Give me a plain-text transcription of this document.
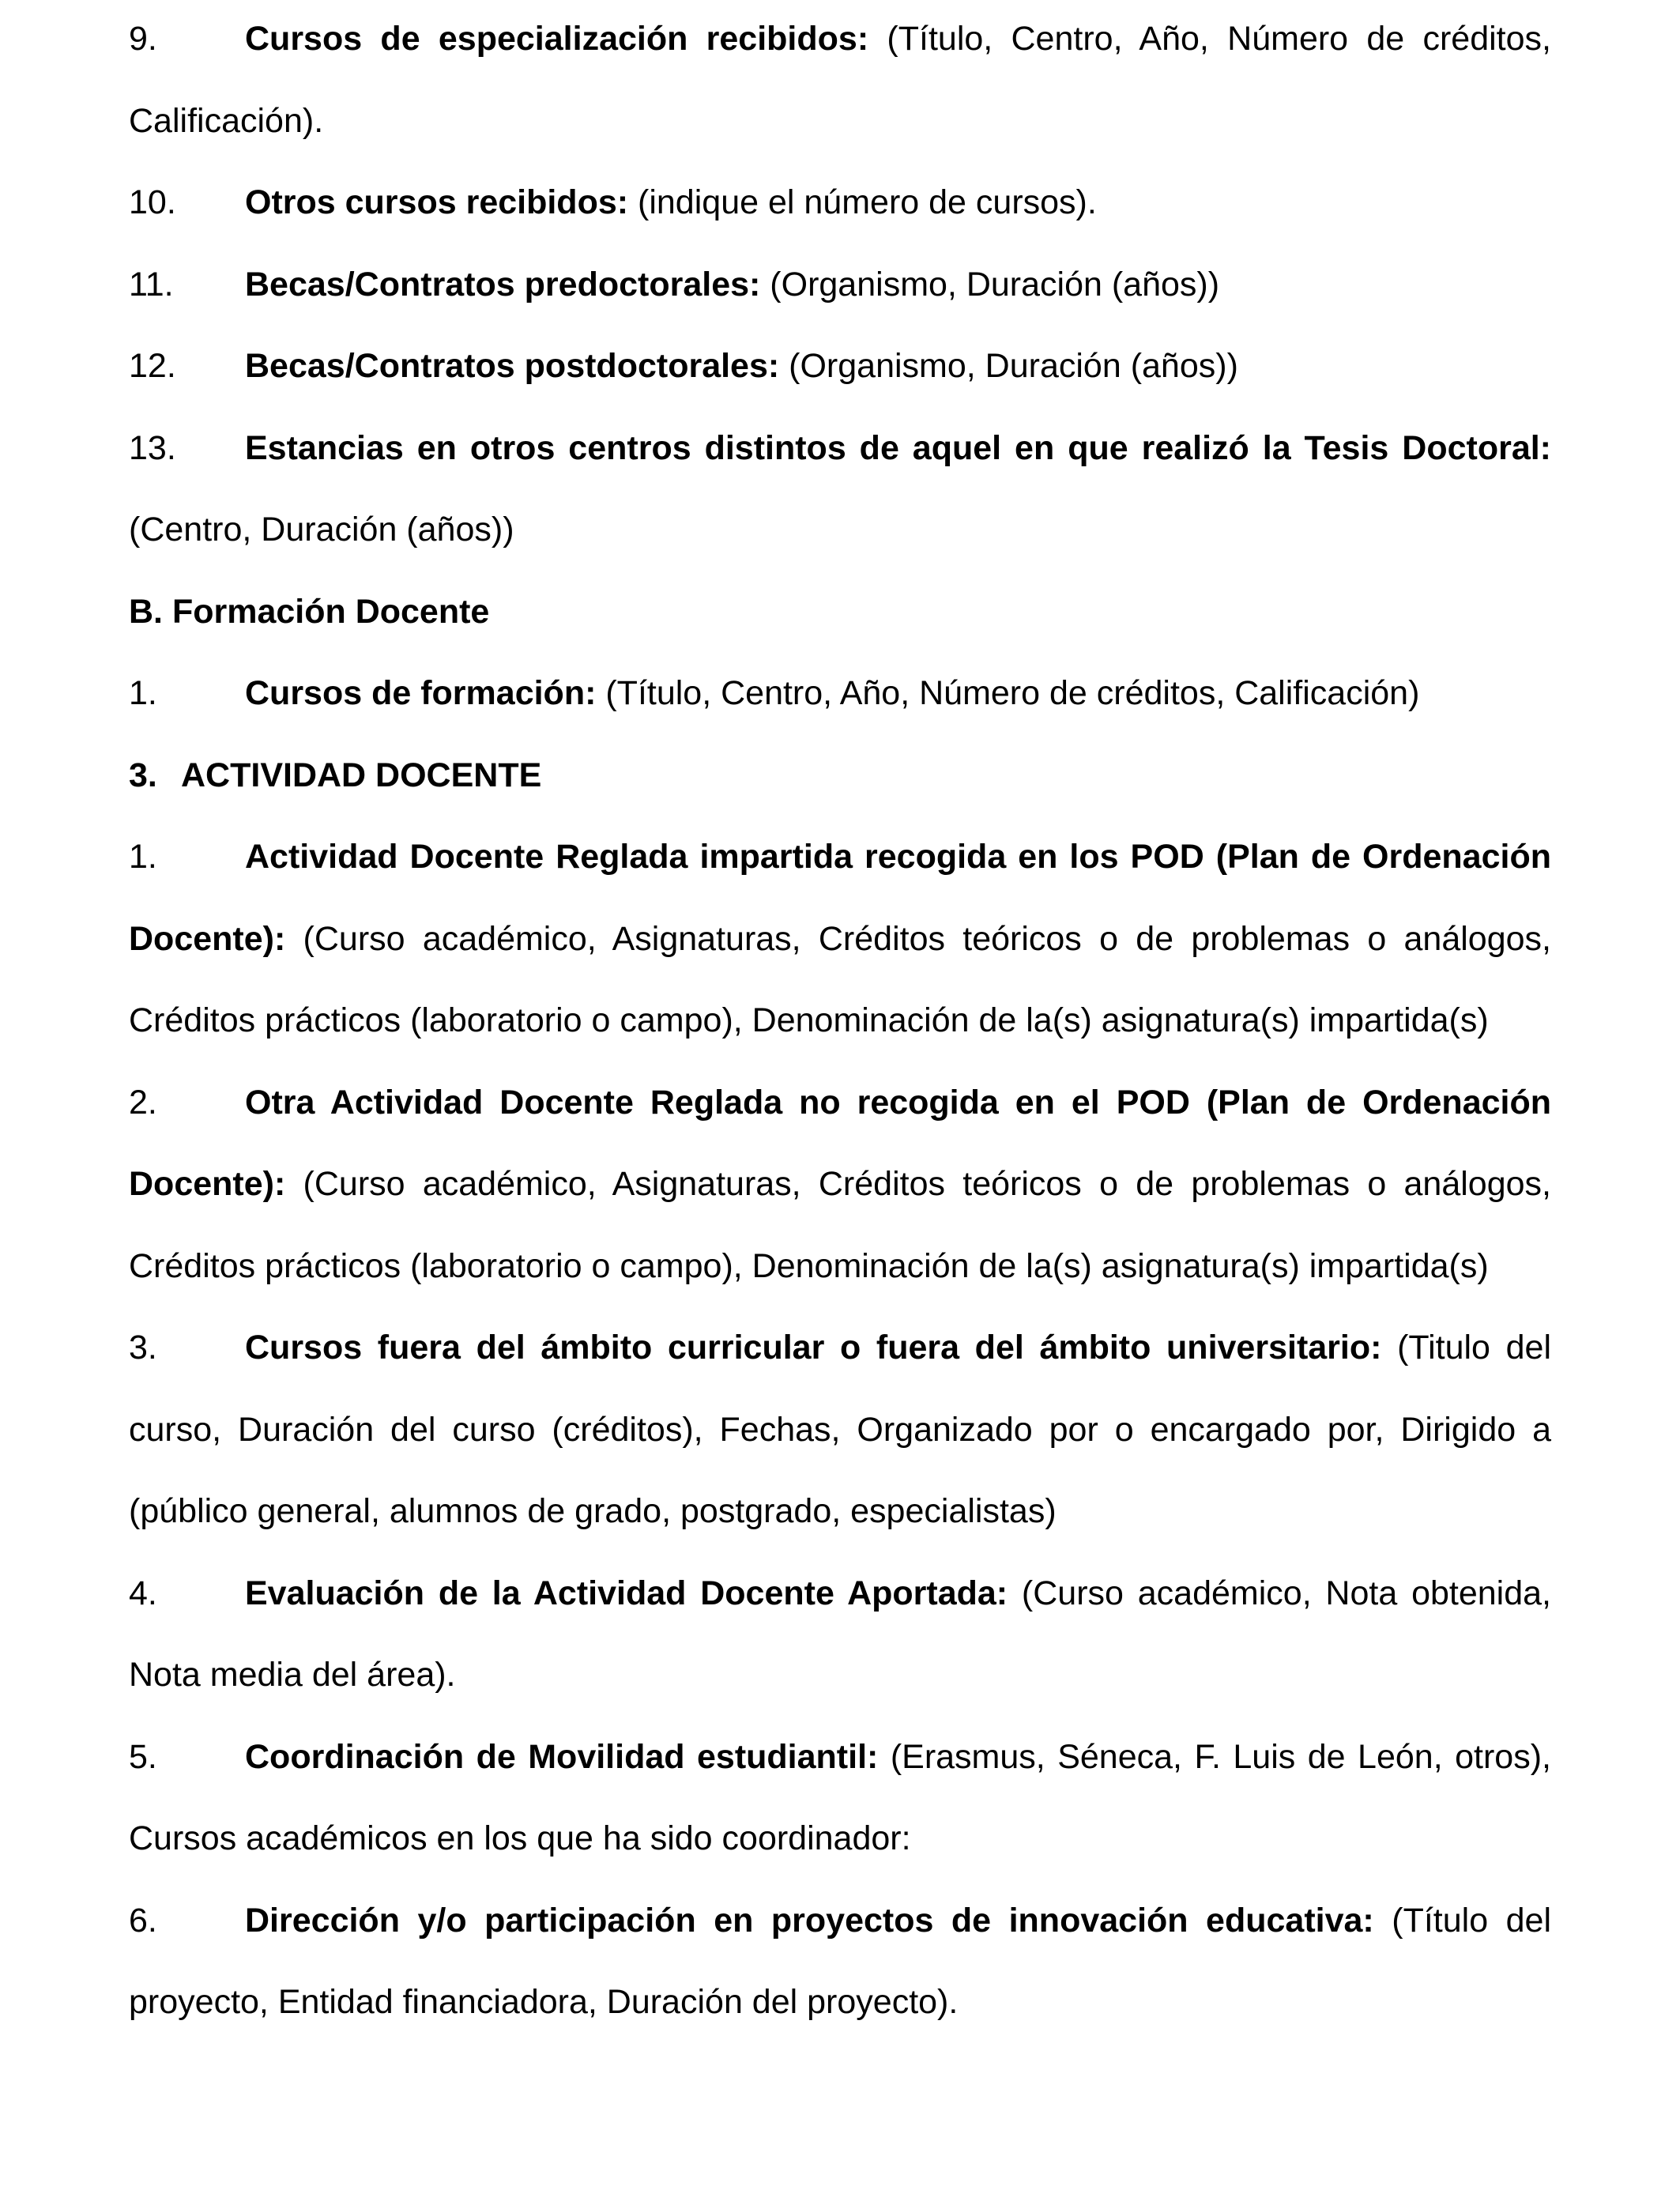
9.	Cursos de especialización recibidos: (Título, Centro, Año, Número de créditos, Calificación).

10. Otros cursos recibidos: (indique el número de cursos).

11. Becas/Contratos predoctorales: (Organismo, Duración (años))

12. Becas/Contratos postdoctorales: (Organismo, Duración (años))

13. Estancias en otros centros distintos de aquel en que realizó la Tesis Doctoral: (Centro, Duración (años))

B. Formación Docente

1.	Cursos de formación: (Título, Centro, Año, Número de créditos, Calificación)

3. ACTIVIDAD DOCENTE

1.	Actividad Docente Reglada impartida recogida en los POD (Plan de Ordenación Docente): (Curso académico, Asignaturas, Créditos teóricos o de problemas o análogos, Créditos prácticos (laboratorio o campo), Denominación de la(s) asignatura(s) impartida(s)

2.	Otra Actividad Docente Reglada no recogida en el POD (Plan de Ordenación Docente): (Curso académico, Asignaturas, Créditos teóricos o de problemas o análogos, Créditos prácticos (laboratorio o campo), Denominación de la(s) asignatura(s) impartida(s)

3.	Cursos fuera del ámbito curricular o fuera del ámbito universitario: (Titulo del curso, Duración del curso (créditos), Fechas, Organizado por o encargado por, Dirigido a (público general, alumnos de grado, postgrado, especialistas)

4.	Evaluación de la Actividad Docente Aportada: (Curso académico, Nota obtenida, Nota media del área).

5.	Coordinación de Movilidad estudiantil: (Erasmus, Séneca, F. Luis de León, otros), Cursos académicos en los que ha sido coordinador:

6.	Dirección y/o participación en proyectos de innovación educativa: (Título del proyecto, Entidad financiadora, Duración del proyecto).
